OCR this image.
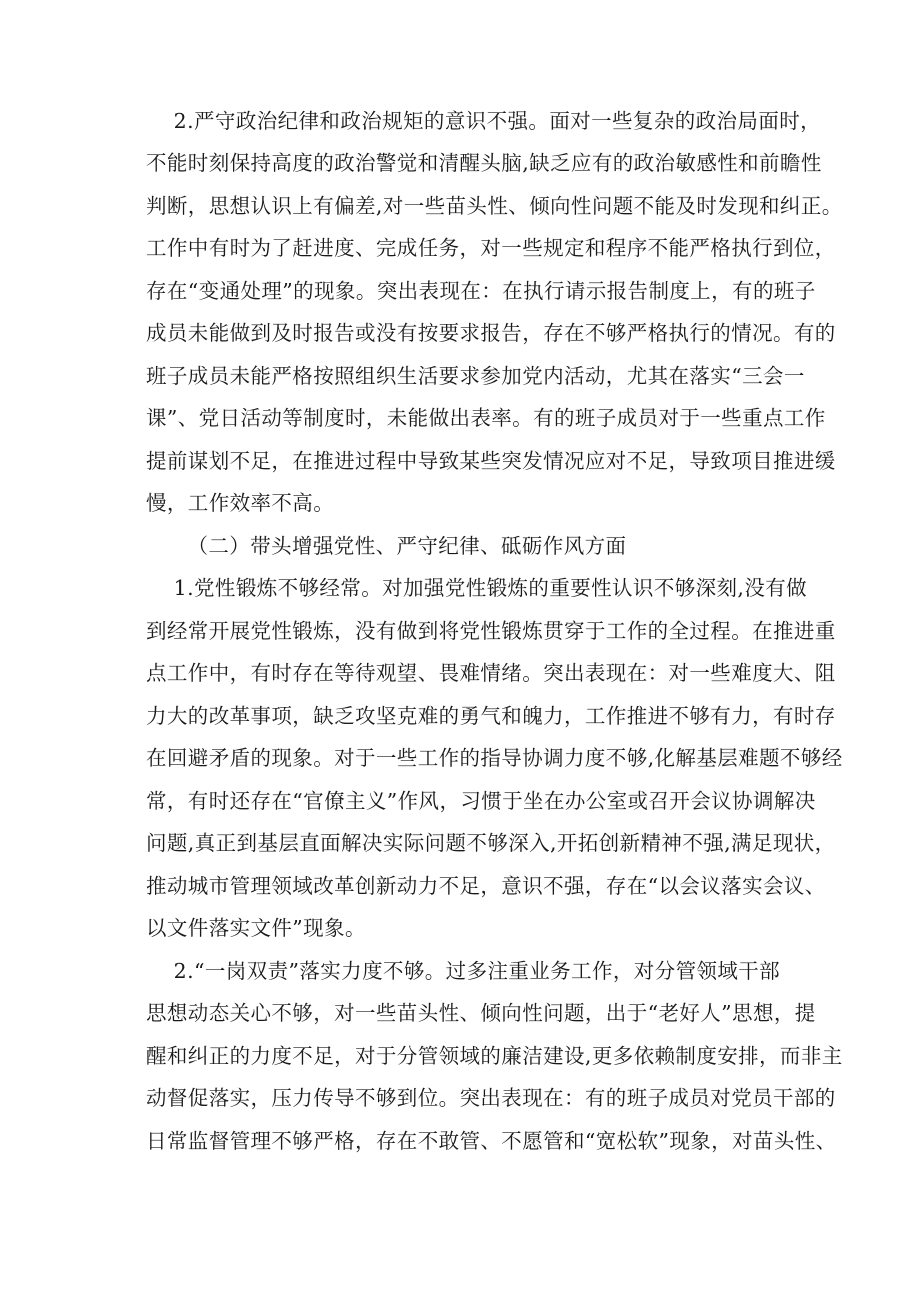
2.严守政治纪律和政治规矩的意识不强。面对一些复杂的政治局面时，
不能时刻保持高度的政治警觉和清醒头脑,缺乏应有的政治敏感性和前瞻性
判断，思想认识上有偏差,对一些苗头性、倾向性问题不能及时发现和纠正。
工作中有时为了赶进度、完成任务，对一些规定和程序不能严格执行到位，
存在“变通处理”的现象。突出表现在：在执行请示报告制度上，有的班子
成员未能做到及时报告或没有按要求报告，存在不够严格执行的情况。有的
班子成员未能严格按照组织生活要求参加党内活动，尤其在落实“三会一
课”、党日活动等制度时，未能做出表率。有的班子成员对于一些重点工作
提前谋划不足，在推进过程中导致某些突发情况应对不足，导致项目推进缓
慢，工作效率不高。
（二）带头增强党性、严守纪律、砥砺作风方面
1.党性锻炼不够经常。对加强党性锻炼的重要性认识不够深刻,没有做
到经常开展党性锻炼，没有做到将党性锻炼贯穿于工作的全过程。在推进重
点工作中，有时存在等待观望、畏难情绪。突出表现在：对一些难度大、阻
力大的改革事项，缺乏攻坚克难的勇气和魄力，工作推进不够有力，有时存
在回避矛盾的现象。对于一些工作的指导协调力度不够,化解基层难题不够经
常，有时还存在“官僚主义”作风，习惯于坐在办公室或召开会议协调解决
问题,真正到基层直面解决实际问题不够深入,开拓创新精神不强,满足现状，
推动城市管理领域改革创新动力不足，意识不强，存在“以会议落实会议、
以文件落实文件”现象。
2.“一岗双责”落实力度不够。过多注重业务工作，对分管领域干部
思想动态关心不够，对一些苗头性、倾向性问题，出于“老好人”思想，提
醒和纠正的力度不足，对于分管领域的廉洁建设,更多依赖制度安排，而非主
动督促落实，压力传导不够到位。突出表现在：有的班子成员对党员干部的
日常监督管理不够严格，存在不敢管、不愿管和“宽松软”现象，对苗头性、
